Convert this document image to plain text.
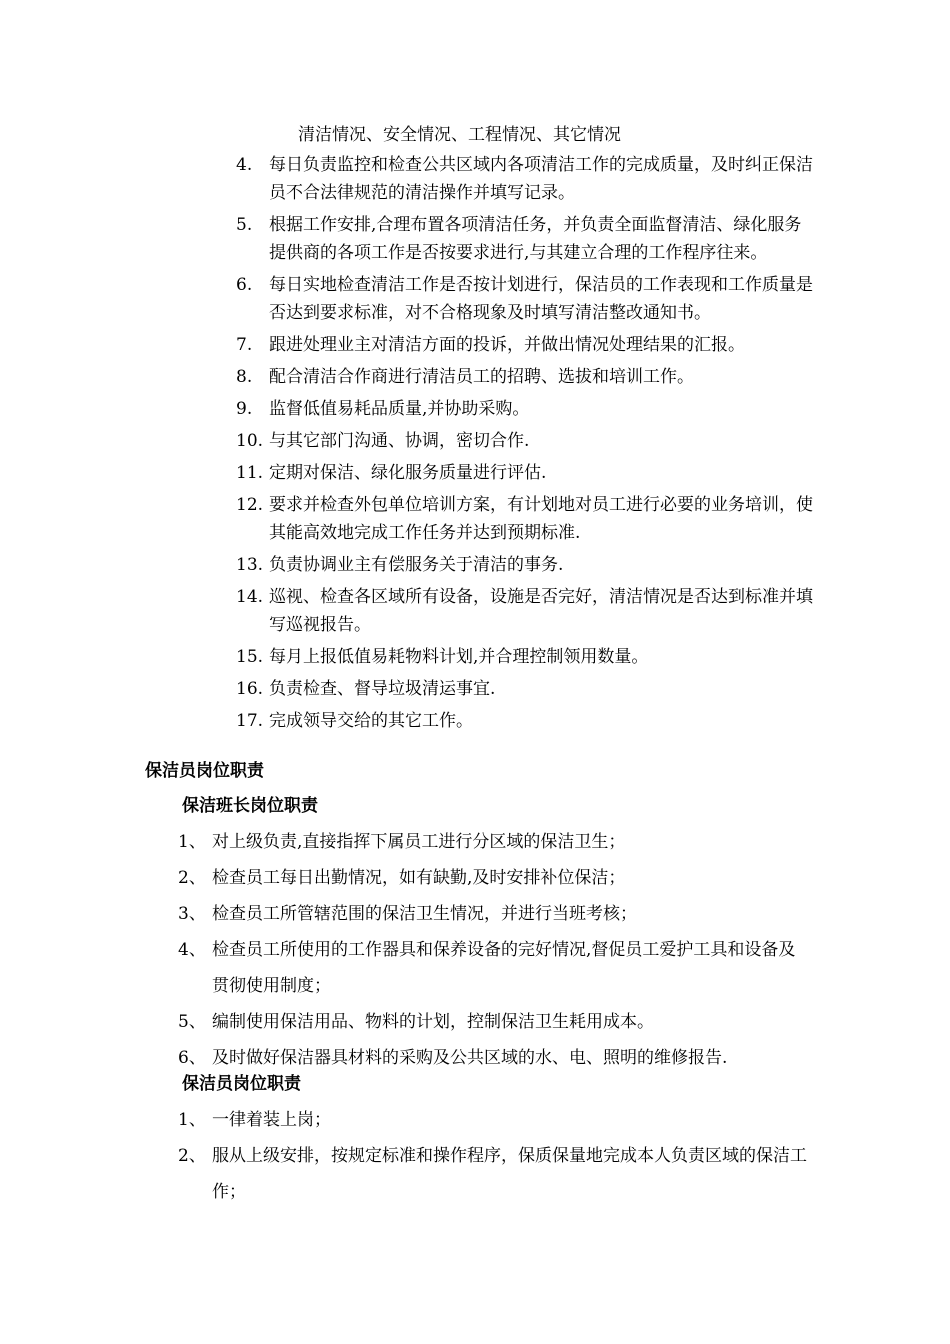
清洁情况、安全情况、工程情况、其它情况
4. 每日负责监控和检查公共区域内各项清洁工作的完成质量，及时纠正保洁员不合法律规范的清洁操作并填写记录。
5. 根据工作安排,合理布置各项清洁任务，并负责全面监督清洁、绿化服务提供商的各项工作是否按要求进行,与其建立合理的工作程序往来。
6. 每日实地检查清洁工作是否按计划进行，保洁员的工作表现和工作质量是否达到要求标准，对不合格现象及时填写清洁整改通知书。
7. 跟进处理业主对清洁方面的投诉，并做出情况处理结果的汇报。
8. 配合清洁合作商进行清洁员工的招聘、选拔和培训工作。
9. 监督低值易耗品质量,并协助采购。
10. 与其它部门沟通、协调，密切合作.
11. 定期对保洁、绿化服务质量进行评估.
12. 要求并检查外包单位培训方案，有计划地对员工进行必要的业务培训，使其能高效地完成工作任务并达到预期标准.
13. 负责协调业主有偿服务关于清洁的事务.
14. 巡视、检查各区域所有设备，设施是否完好，清洁情况是否达到标准并填写巡视报告。
15. 每月上报低值易耗物料计划,并合理控制领用数量。
16. 负责检查、督导垃圾清运事宜.
17. 完成领导交给的其它工作。
保洁员岗位职责
保洁班长岗位职责
1、 对上级负责,直接指挥下属员工进行分区域的保洁卫生；
2、 检查员工每日出勤情况，如有缺勤,及时安排补位保洁；
3、 检查员工所管辖范围的保洁卫生情况，并进行当班考核；
4、 检查员工所使用的工作器具和保养设备的完好情况,督促员工爱护工具和设备及贯彻使用制度；
5、 编制使用保洁用品、物料的计划，控制保洁卫生耗用成本。
6、 及时做好保洁器具材料的采购及公共区域的水、电、照明的维修报告.
保洁员岗位职责
1、 一律着装上岗；
2、 服从上级安排，按规定标准和操作程序，保质保量地完成本人负责区域的保洁工作；
